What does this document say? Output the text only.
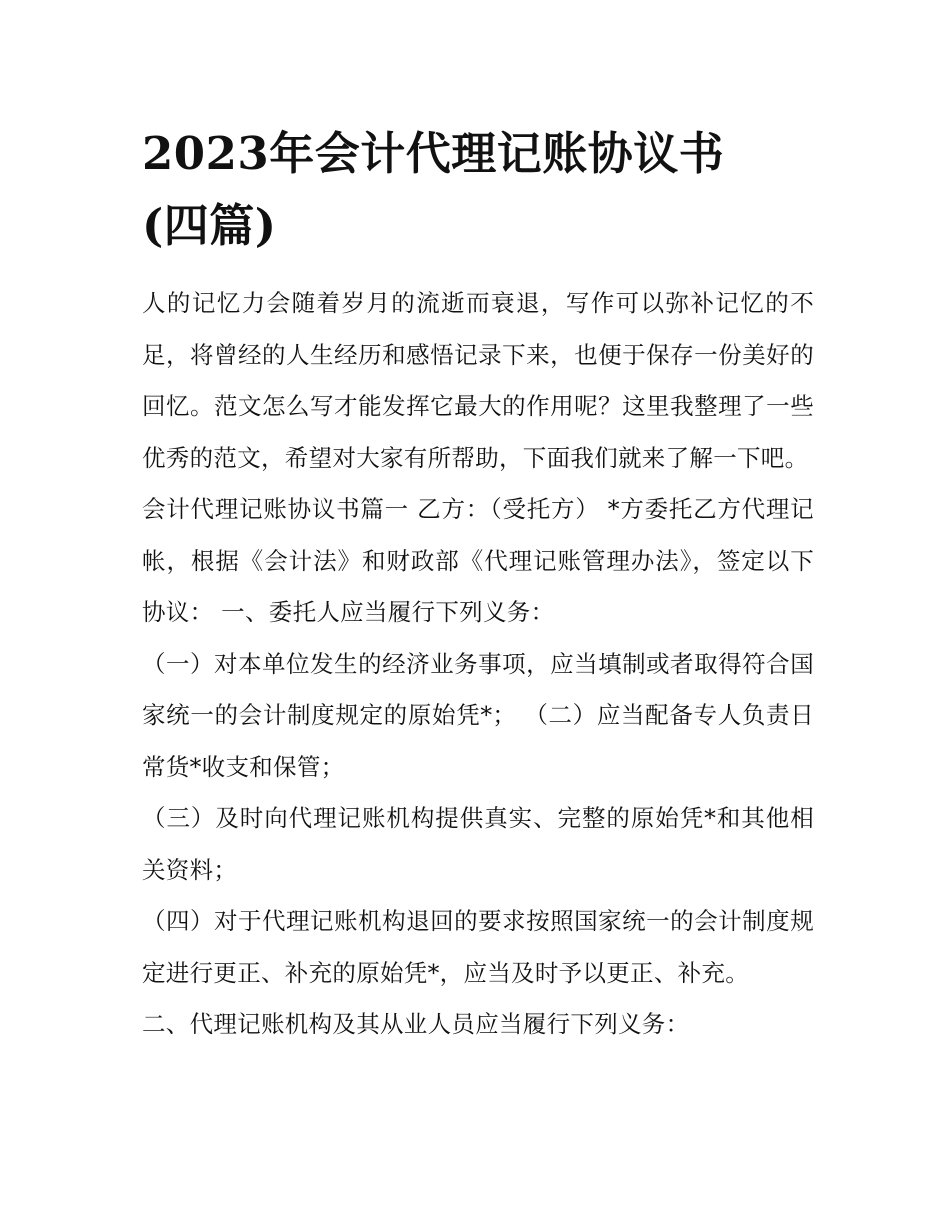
2023年会计代理记账协议书
(四篇)

人的记忆力会随着岁月的流逝而衰退，写作可以弥补记忆的不足，将曾经的人生经历和感悟记录下来，也便于保存一份美好的回忆。范文怎么写才能发挥它最大的作用呢？这里我整理了一些优秀的范文，希望对大家有所帮助，下面我们就来了解一下吧。

会计代理记账协议书篇一 乙方：（受托方） *方委托乙方代理记帐，根据《会计法》和财政部《代理记账管理办法》，签定以下协议： 一、委托人应当履行下列义务：

（一）对本单位发生的经济业务事项，应当填制或者取得符合国家统一的会计制度规定的原始凭*； （二）应当配备专人负责日常货*收支和保管；

（三）及时向代理记账机构提供真实、完整的原始凭*和其他相关资料；

（四）对于代理记账机构退回的要求按照国家统一的会计制度规定进行更正、补充的原始凭*，应当及时予以更正、补充。

二、代理记账机构及其从业人员应当履行下列义务：
